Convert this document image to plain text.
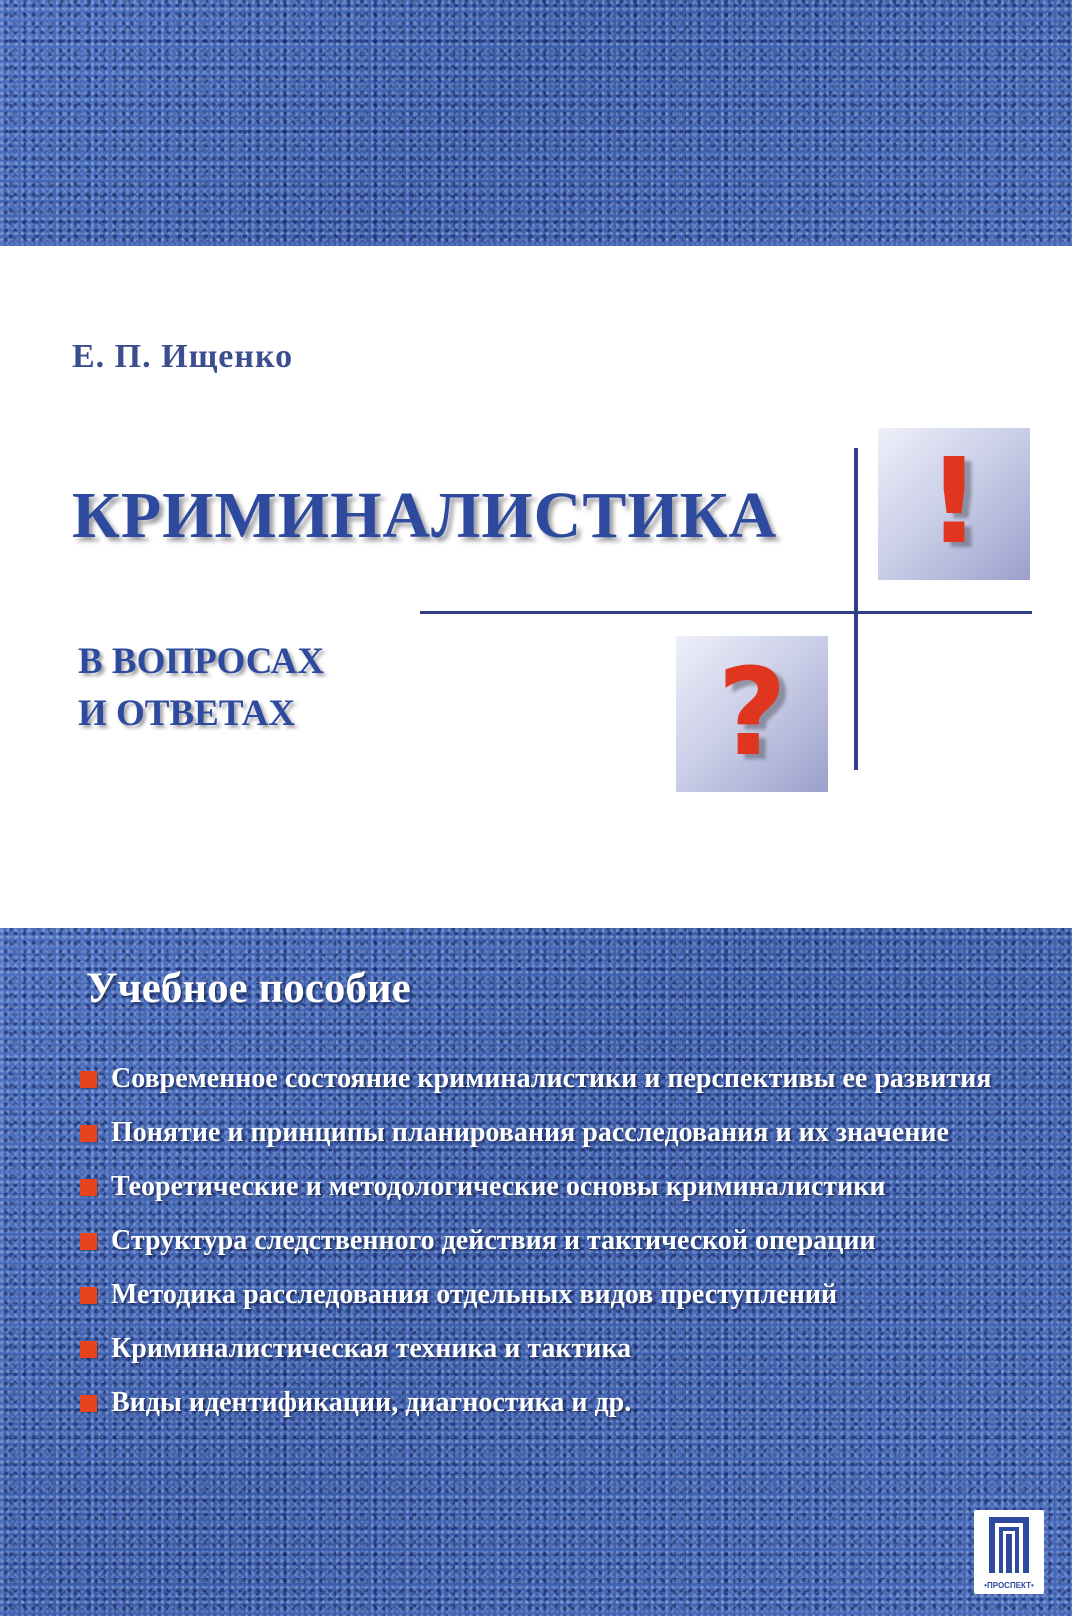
Е. П. Ищенко
КРИМИНАЛИСТИКА
В ВОПРОСАХ
И ОТВЕТАХ
!
?
Учебное пособие
Современное состояние криминалистики и перспективы ее развития
Понятие и принципы планирования расследования и их значение
Теоретические и методологические основы криминалистики
Структура следственного действия и тактической операции
Методика расследования отдельных видов преступлений
Криминалистическая техника и тактика
Виды идентификации, диагностика и др.
•ПРОСПЕКТ•
